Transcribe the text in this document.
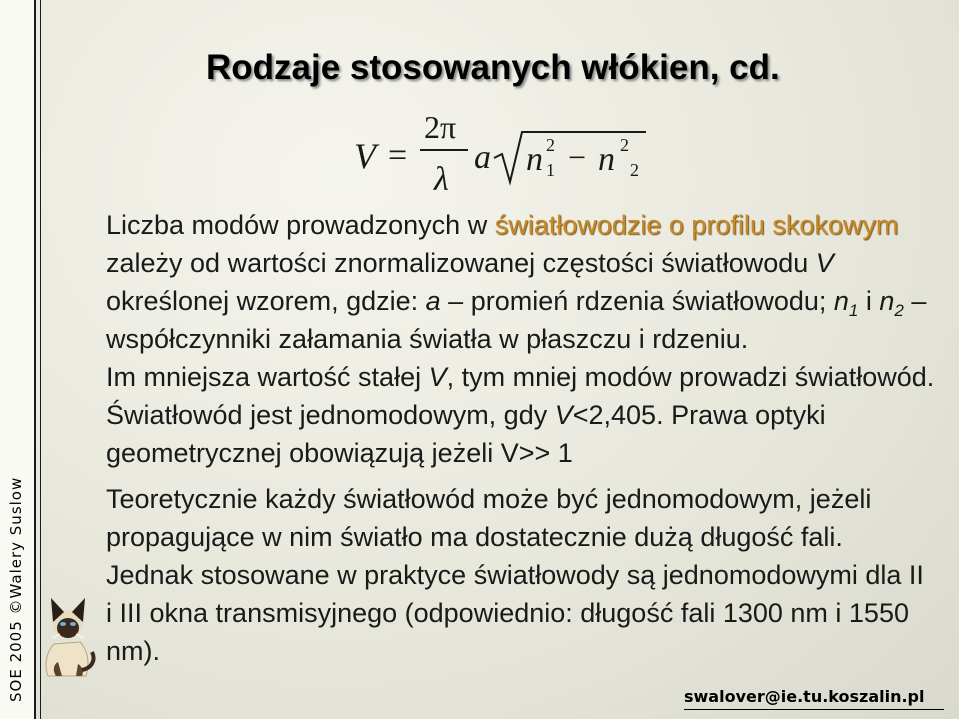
SOE 2005 ©Walery Suslow
Rodzaje stosowanych włókien, cd.
V =
2π
λ
a n 2
1 − n 2
2

Liczba modów prowadzonych w światłowodzie o profilu skokowym zależy od wartości znormalizowanej częstości światłowodu V określonej wzorem, gdzie: a – promień rdzenia światłowodu; $n_1$ i $n_2$ – współczynniki załamania światła w płaszczu i rdzeniu.

Im mniejsza wartość stałej V, tym mniej modów prowadzi światłowód. Światłowód jest jednomodowym, gdy V<2,405. Prawa optyki geometrycznej obowiązują jeżeli V>> 1

Teoretycznie każdy światłowód może być jednomodowym, jeżeli propagujące w nim światło ma dostatecznie dużą długość fali. Jednak stosowane w praktyce światłowody są jednomodowymi dla II i III okna transmisyjnego (odpowiednio: długość fali 1300 nm i 1550 nm).

swalover@ie.tu.koszalin.pl
